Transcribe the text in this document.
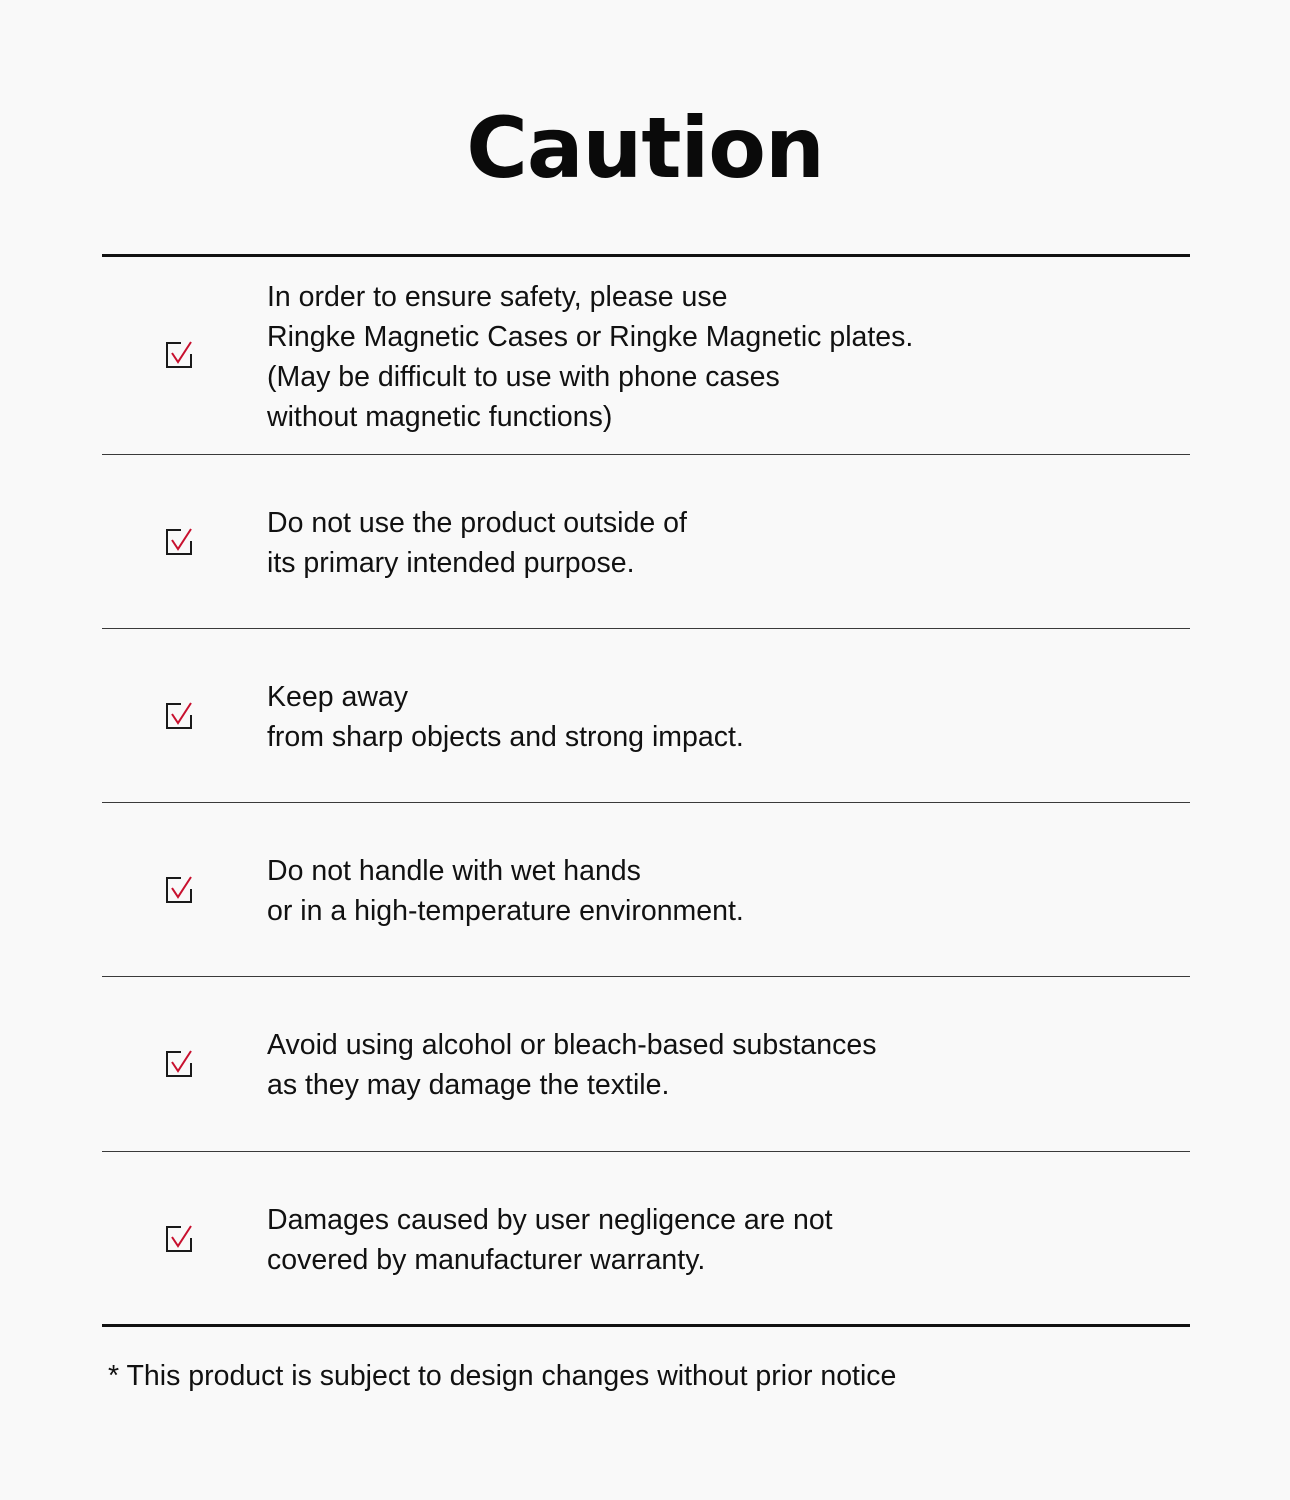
Caution
In order to ensure safety, please use
Ringke Magnetic Cases or Ringke Magnetic plates.
(May be difficult to use with phone cases
without magnetic functions)
Do not use the product outside of
its primary intended purpose.
Keep away
from sharp objects and strong impact.
Do not handle with wet hands
or in a high-temperature environment.
Avoid using alcohol or bleach-based substances
as they may damage the textile.
Damages caused by user negligence are not
covered by manufacturer warranty.
* This product is subject to design changes without prior notice
